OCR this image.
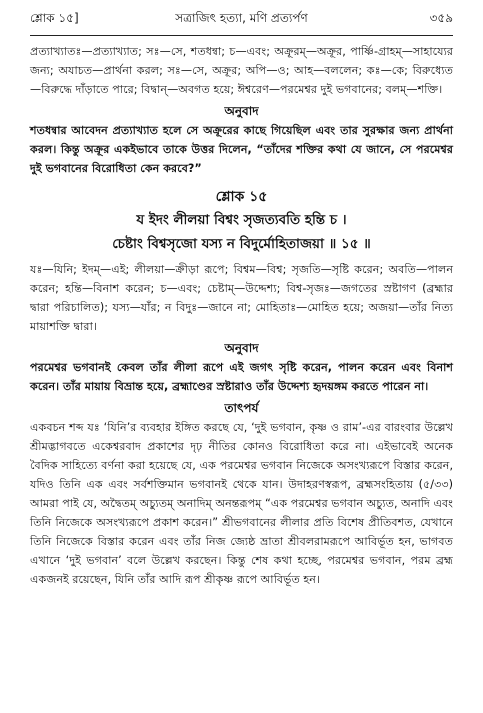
শ্লোক ১৫]	সত্রাজিৎ হত্যা, মণি প্রত্যর্পণ	৩৫৯

প্রত্যাখ্যাতঃ—প্রত্যাখ্যাত; সঃ—সে, শতধন্বা; চ—এবং; অক্রূরম্—অক্রূর, পার্ষ্ণি-গ্রাহম্—সাহায্যের জন্য; অযাচত—প্রার্থনা করল; সঃ—সে, অক্রূর; অপি—ও; আহ—বললেন; কঃ—কে; বিরুধ্যেত—বিরুদ্ধে দাঁড়াতে পারে; বিদ্বান্—অবগত হয়ে; ঈশ্বরেণ—পরমেশ্বর দুই ভগবানের; বলম্—শক্তি।

অনুবাদ

শতধন্বার আবেদন প্রত্যাখ্যাত হলে সে অক্রূরের কাছে গিয়েছিল এবং তার সুরক্ষার জন্য প্রার্থনা করল। কিন্তু অক্রূর একইভাবে তাকে উত্তর দিলেন, “তাঁদের শক্তির কথা যে জানে, সে পরমেশ্বর দুই ভগবানের বিরোধিতা কেন করবে?”

শ্লোক ১৫
য ইদং লীলয়া বিশ্বং সৃজত্যবতি হন্তি চ ।
চেষ্টাং বিশ্বসৃজো যস্য ন বিদুর্মোহিতাজয়া ॥ ১৫ ॥

যঃ—যিনি; ইদম্—এই; লীলয়া—ক্রীড়া রূপে; বিশ্বম—বিশ্ব; সৃজতি—সৃষ্টি করেন; অবতি—পালন করেন; হন্তি—বিনাশ করেন; চ—এবং; চেষ্টাম্—উদ্দেশ্য; বিশ্ব-সৃজঃ—জগতের স্রষ্টাগণ (ব্রহ্মার দ্বারা পরিচালিত); যস্য—যাঁর; ন বিদুঃ—জানে না; মোহিতাঃ—মোহিত হয়ে; অজয়া—তাঁর নিত্য মায়াশক্তি দ্বারা।

অনুবাদ

পরমেশ্বর ভগবানই কেবল তাঁর লীলা রূপে এই জগৎ সৃষ্টি করেন, পালন করেন এবং বিনাশ করেন। তাঁর মায়ায় বিভ্রান্ত হয়ে, ব্রহ্মাণ্ডের স্রষ্টারাও তাঁর উদ্দেশ্য হৃদয়ঙ্গম করতে পারেন না।

তাৎপর্য

একবচন শব্দ যঃ ‘যিনি’র ব্যবহার ইঙ্গিত করছে যে, ‘দুই ভগবান, কৃষ্ণ ও রাম’-এর বারংবার উল্লেখ শ্রীমদ্ভাগবতে একেশ্বরবাদ প্রকাশের দৃঢ় নীতির কোনও বিরোধিতা করে না। এইভাবেই অনেক বৈদিক সাহিত্যে বর্ণনা করা হয়েছে যে, এক পরমেশ্বর ভগবান নিজেকে অসংখ্যরূপে বিস্তার করেন, যদিও তিনি এক এবং সর্বশক্তিমান ভগবানই থেকে যান। উদাহরণস্বরূপ, ব্রহ্মসংহিতায় (৫/৩৩) আমরা পাই যে, অদ্বৈতম্ অচ্যুতম্ অনাদিম্ অনন্তরূপম্ “এক পরমেশ্বর ভগবান অচ্যুত, অনাদি এবং তিনি নিজেকে অসংখ্যরূপে প্রকাশ করেন।” শ্রীভগবানের লীলার প্রতি বিশেষ প্রীতিবশত, যেখানে তিনি নিজেকে বিস্তার করেন এবং তাঁর নিজ জ্যেষ্ঠ ভ্রাতা শ্রীবলরামরূপে আবির্ভূত হন, ভাগবত এখানে ‘দুই ভগবান’ বলে উল্লেখ করছেন। কিন্তু শেষ কথা হচ্ছে, পরমেশ্বর ভগবান, পরম ব্রহ্ম একজনই রয়েছেন, যিনি তাঁর আদি রূপ শ্রীকৃষ্ণ রূপে আবির্ভূত হন।
